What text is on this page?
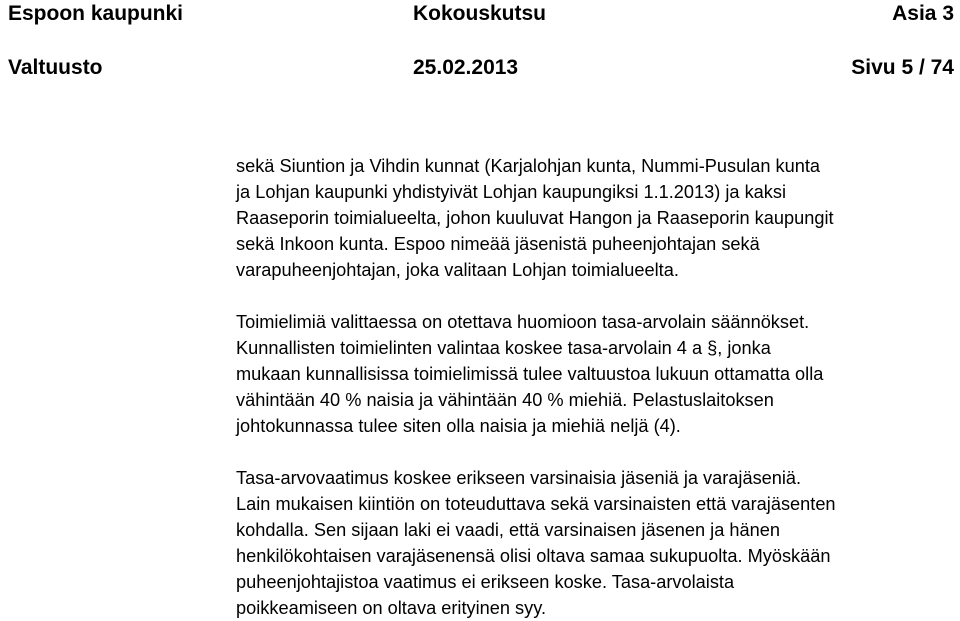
Espoon kaupunki	Kokouskutsu	Asia 3
Valtuusto	25.02.2013	Sivu 5 / 74

sekä Siuntion ja Vihdin kunnat (Karjalohjan kunta, Nummi-Pusulan kunta
ja Lohjan kaupunki yhdistyivät Lohjan kaupungiksi 1.1.2013) ja kaksi
Raaseporin toimialueelta, johon kuuluvat Hangon ja Raaseporin kaupungit
sekä Inkoon kunta. Espoo nimeää jäsenistä puheenjohtajan sekä
varapuheenjohtajan, joka valitaan Lohjan toimialueelta.

Toimielimiä valittaessa on otettava huomioon tasa-arvolain säännökset.
Kunnallisten toimielinten valintaa koskee tasa-arvolain 4 a §, jonka
mukaan kunnallisissa toimielimissä tulee valtuustoa lukuun ottamatta olla
vähintään 40 % naisia ja vähintään 40 % miehiä. Pelastuslaitoksen
johtokunnassa tulee siten olla naisia ja miehiä neljä (4).

Tasa-arvovaatimus koskee erikseen varsinaisia jäseniä ja varajäseniä.
Lain mukaisen kiintiön on toteuduttava sekä varsinaisten että varajäsenten
kohdalla. Sen sijaan laki ei vaadi, että varsinaisen jäsenen ja hänen
henkilökohtaisen varajäsenensä olisi oltava samaa sukupuolta. Myöskään
puheenjohtajistoa vaatimus ei erikseen koske. Tasa-arvolaista
poikkeamiseen on oltava erityinen syy.
